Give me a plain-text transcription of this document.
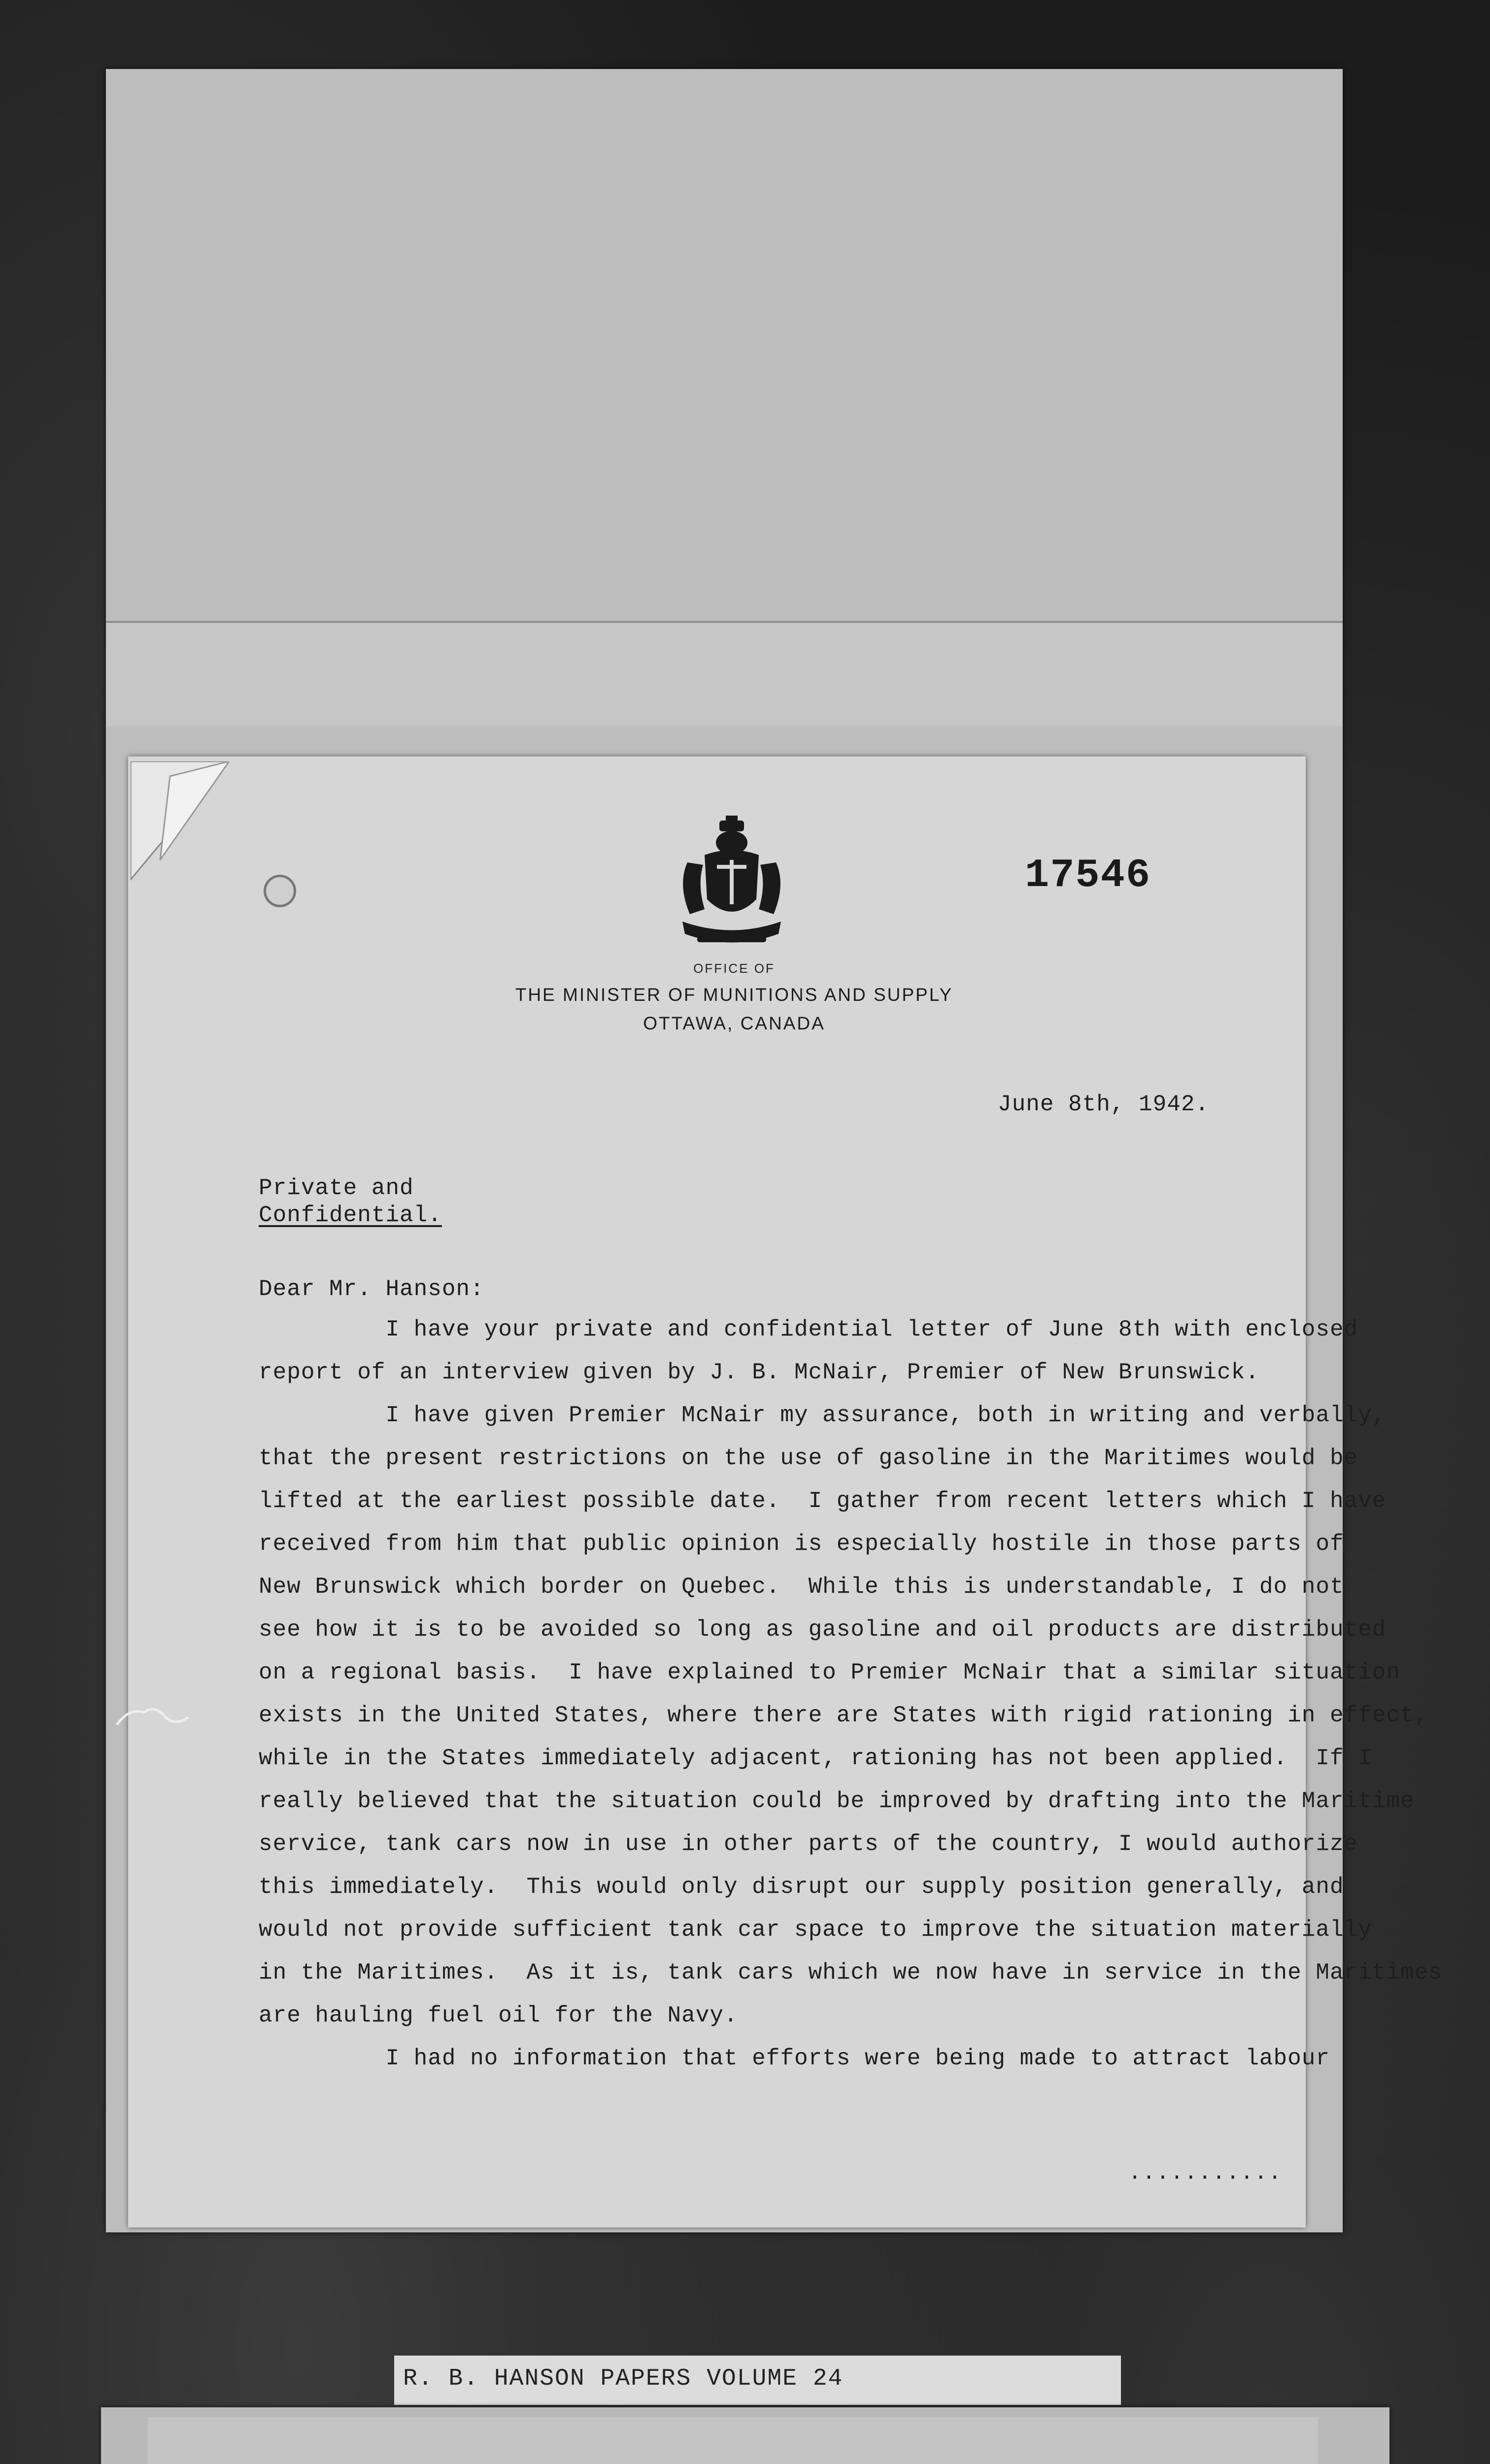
17546
OFFICE OF
THE MINISTER OF MUNITIONS AND SUPPLY
OTTAWA, CANADA
June 8th, 1942.
Private and
Confidential.
Dear Mr. Hanson:
I have your private and confidential letter of June 8th with enclosed
report of an interview given by J. B. McNair, Premier of New Brunswick.
I have given Premier McNair my assurance, both in writing and verbally,
that the present restrictions on the use of gasoline in the Maritimes would be
lifted at the earliest possible date.  I gather from recent letters which I have
received from him that public opinion is especially hostile in those parts of
New Brunswick which border on Quebec.  While this is understandable, I do not
see how it is to be avoided so long as gasoline and oil products are distributed
on a regional basis.  I have explained to Premier McNair that a similar situation
exists in the United States, where there are States with rigid rationing in effect,
while in the States immediately adjacent, rationing has not been applied.  If I
really believed that the situation could be improved by drafting into the Maritime
service, tank cars now in use in other parts of the country, I would authorize
this immediately.  This would only disrupt our supply position generally, and
would not provide sufficient tank car space to improve the situation materially
in the Maritimes.  As it is, tank cars which we now have in service in the Maritimes
are hauling fuel oil for the Navy.
I had no information that efforts were being made to attract labour
...........
R. B. HANSON PAPERS VOLUME 24
